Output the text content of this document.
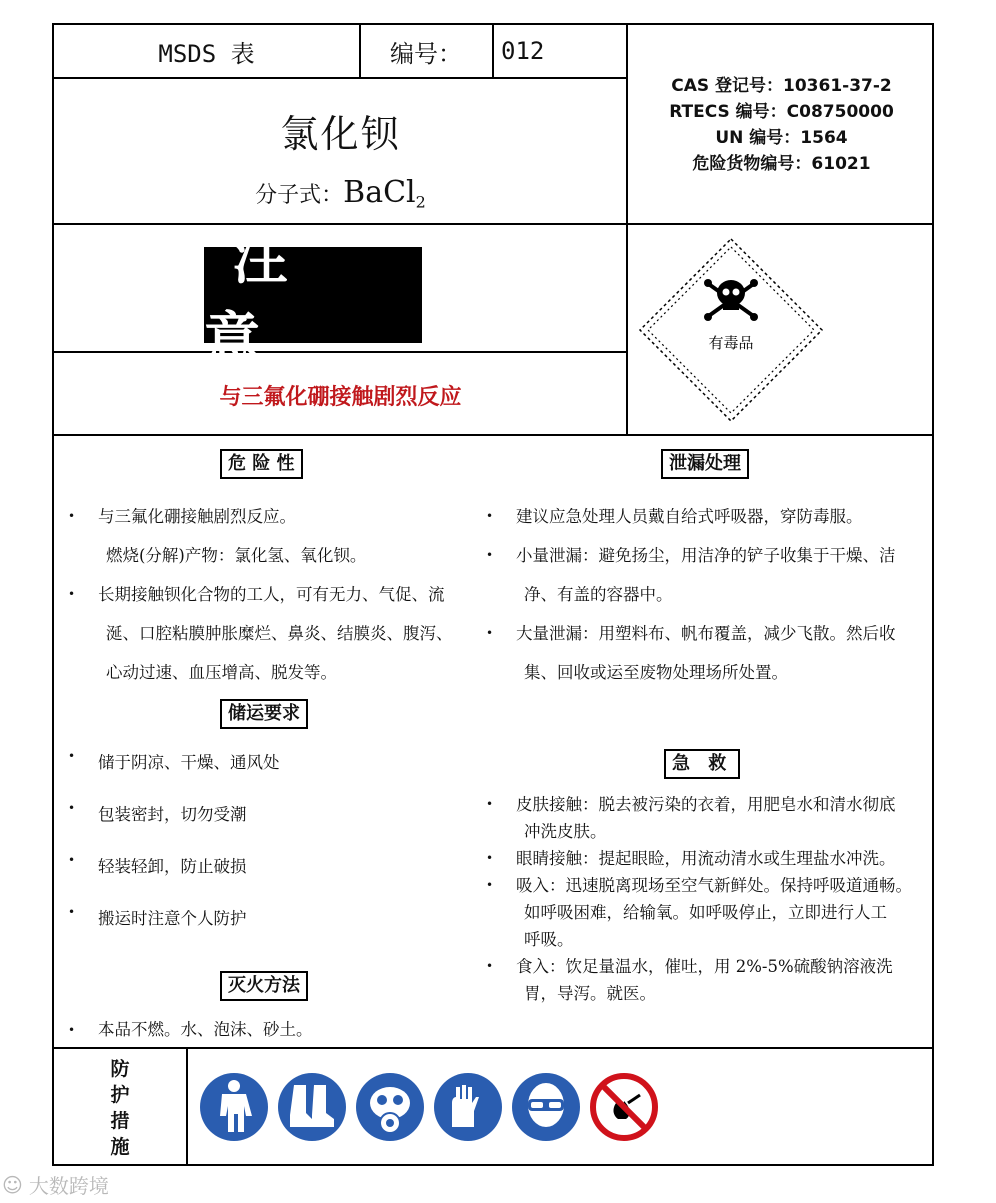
MSDS 表	编号：	012
CAS 登记号：10361-37-2
RTECS 编号：C08750000
UN 编号：1564
危险货物编号：61021
氯化钡
分子式：BaCl$_2$
注 意
与三氟化硼接触剧烈反应
有毒品
危 险 性
• 与三氟化硼接触剧烈反应。
燃烧(分解)产物：氯化氢、氧化钡。
• 长期接触钡化合物的工人，可有无力、气促、流
涎、口腔粘膜肿胀糜烂、鼻炎、结膜炎、腹泻、
心动过速、血压增高、脱发等。
储运要求
• 储于阴凉、干燥、通风处
• 包装密封，切勿受潮
• 轻装轻卸，防止破损
• 搬运时注意个人防护
灭火方法
• 本品不燃。水、泡沫、砂土。
泄漏处理
• 建议应急处理人员戴自给式呼吸器，穿防毒服。
• 小量泄漏：避免扬尘，用洁净的铲子收集于干燥、洁
净、有盖的容器中。
• 大量泄漏：用塑料布、帆布覆盖，减少飞散。然后收
集、回收或运至废物处理场所处置。
急 救
• 皮肤接触：脱去被污染的衣着，用肥皂水和清水彻底
冲洗皮肤。
• 眼睛接触：提起眼睑，用流动清水或生理盐水冲洗。
• 吸入：迅速脱离现场至空气新鲜处。保持呼吸道通畅。
如呼吸困难，给输氧。如呼吸停止，立即进行人工
呼吸。
• 食入：饮足量温水，催吐，用 2%-5%硫酸钠溶液洗
胃，导泻。就医。
防
护
措
施
☺ 大数跨境
